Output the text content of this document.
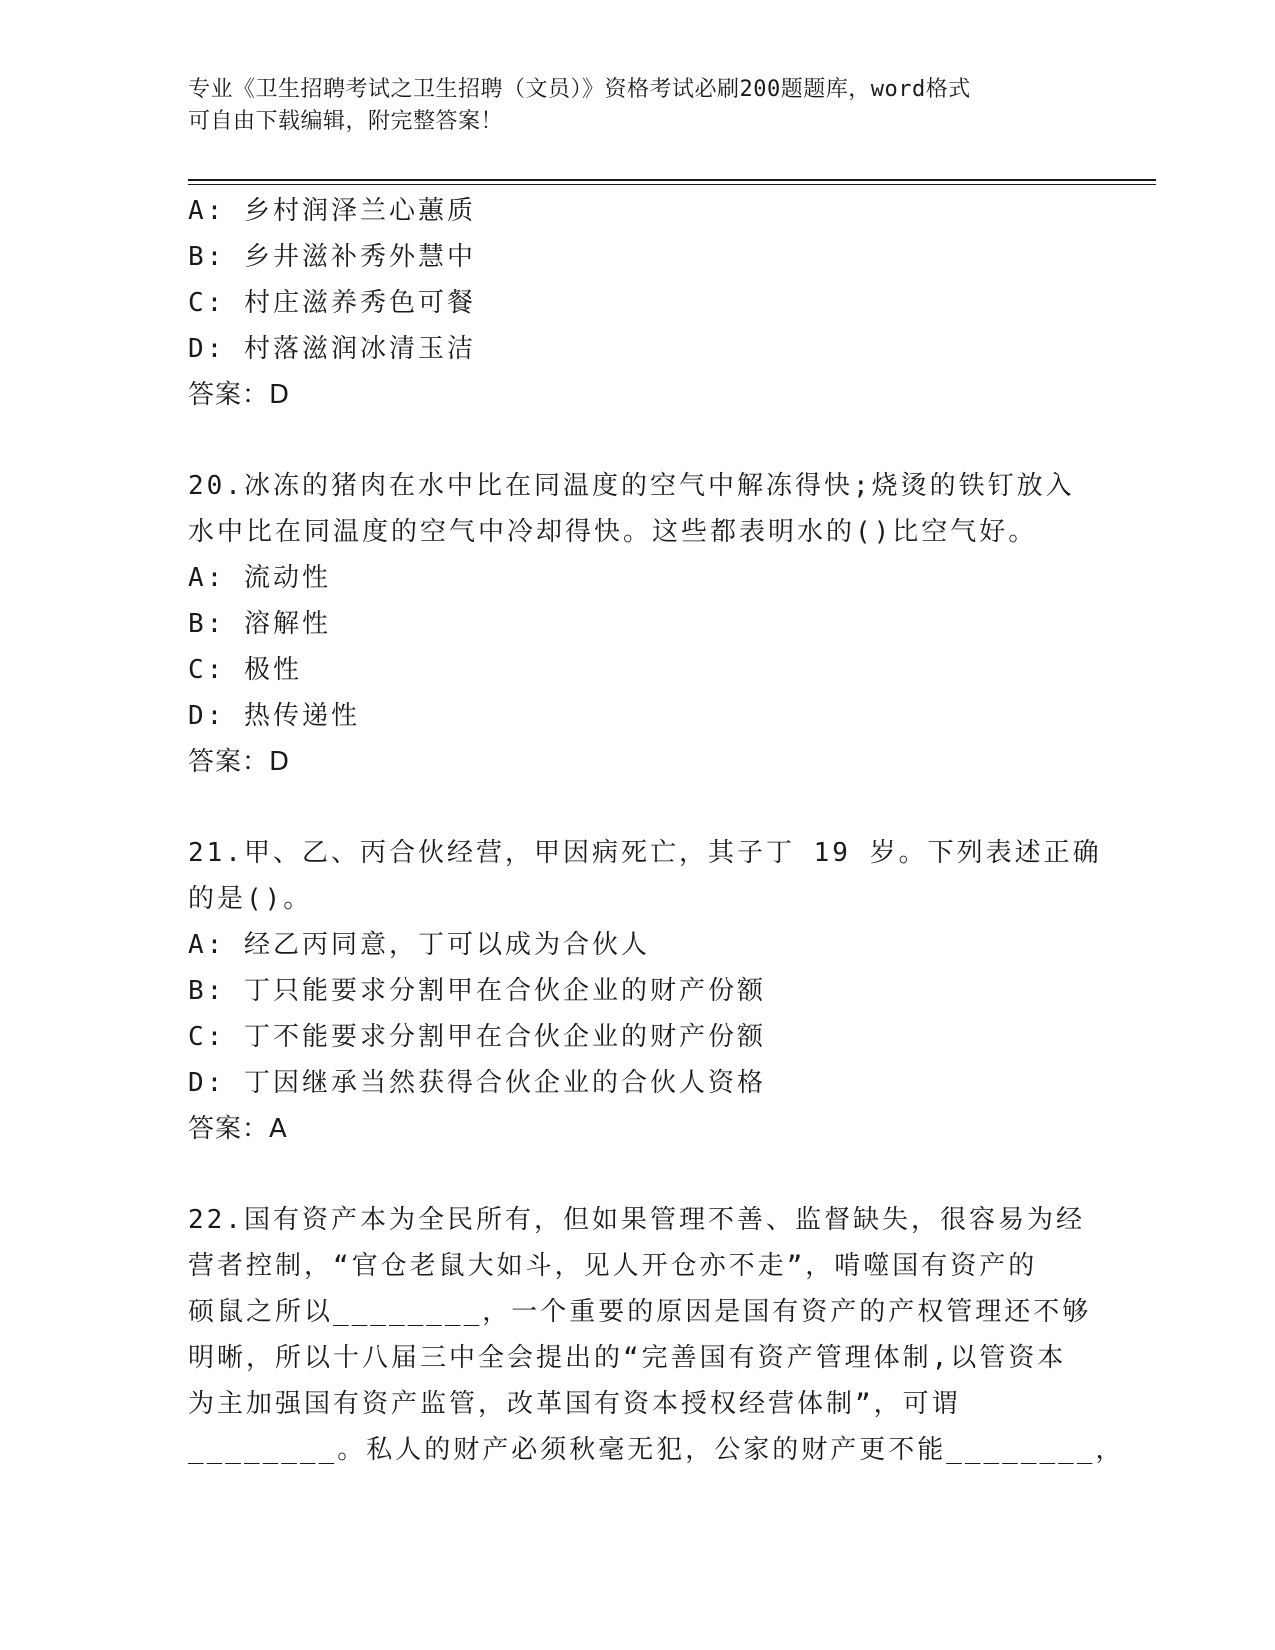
专业《卫生招聘考试之卫生招聘（文员）》资格考试必刷200题题库，word格式
可自由下载编辑，附完整答案！
A: 乡村润泽兰心蕙质
B: 乡井滋补秀外慧中
C: 村庄滋养秀色可餐
D: 村落滋润冰清玉洁
答案：D
20.冰冻的猪肉在水中比在同温度的空气中解冻得快;烧烫的铁钉放入
水中比在同温度的空气中冷却得快。这些都表明水的()比空气好。
A: 流动性
B: 溶解性
C: 极性
D: 热传递性
答案：D
21.甲、乙、丙合伙经营，甲因病死亡，其子丁 19 岁。下列表述正确
的是()。
A: 经乙丙同意，丁可以成为合伙人
B: 丁只能要求分割甲在合伙企业的财产份额
C: 丁不能要求分割甲在合伙企业的财产份额
D: 丁因继承当然获得合伙企业的合伙人资格
答案：A
22.国有资产本为全民所有，但如果管理不善、监督缺失，很容易为经
营者控制，“官仓老鼠大如斗，见人开仓亦不走”，啃噬国有资产的
硕鼠之所以________，一个重要的原因是国有资产的产权管理还不够
明晰，所以十八届三中全会提出的“完善国有资产管理体制,以管资本
为主加强国有资产监管，改革国有资本授权经营体制”，可谓
________。私人的财产必须秋毫无犯，公家的财产更不能________，
